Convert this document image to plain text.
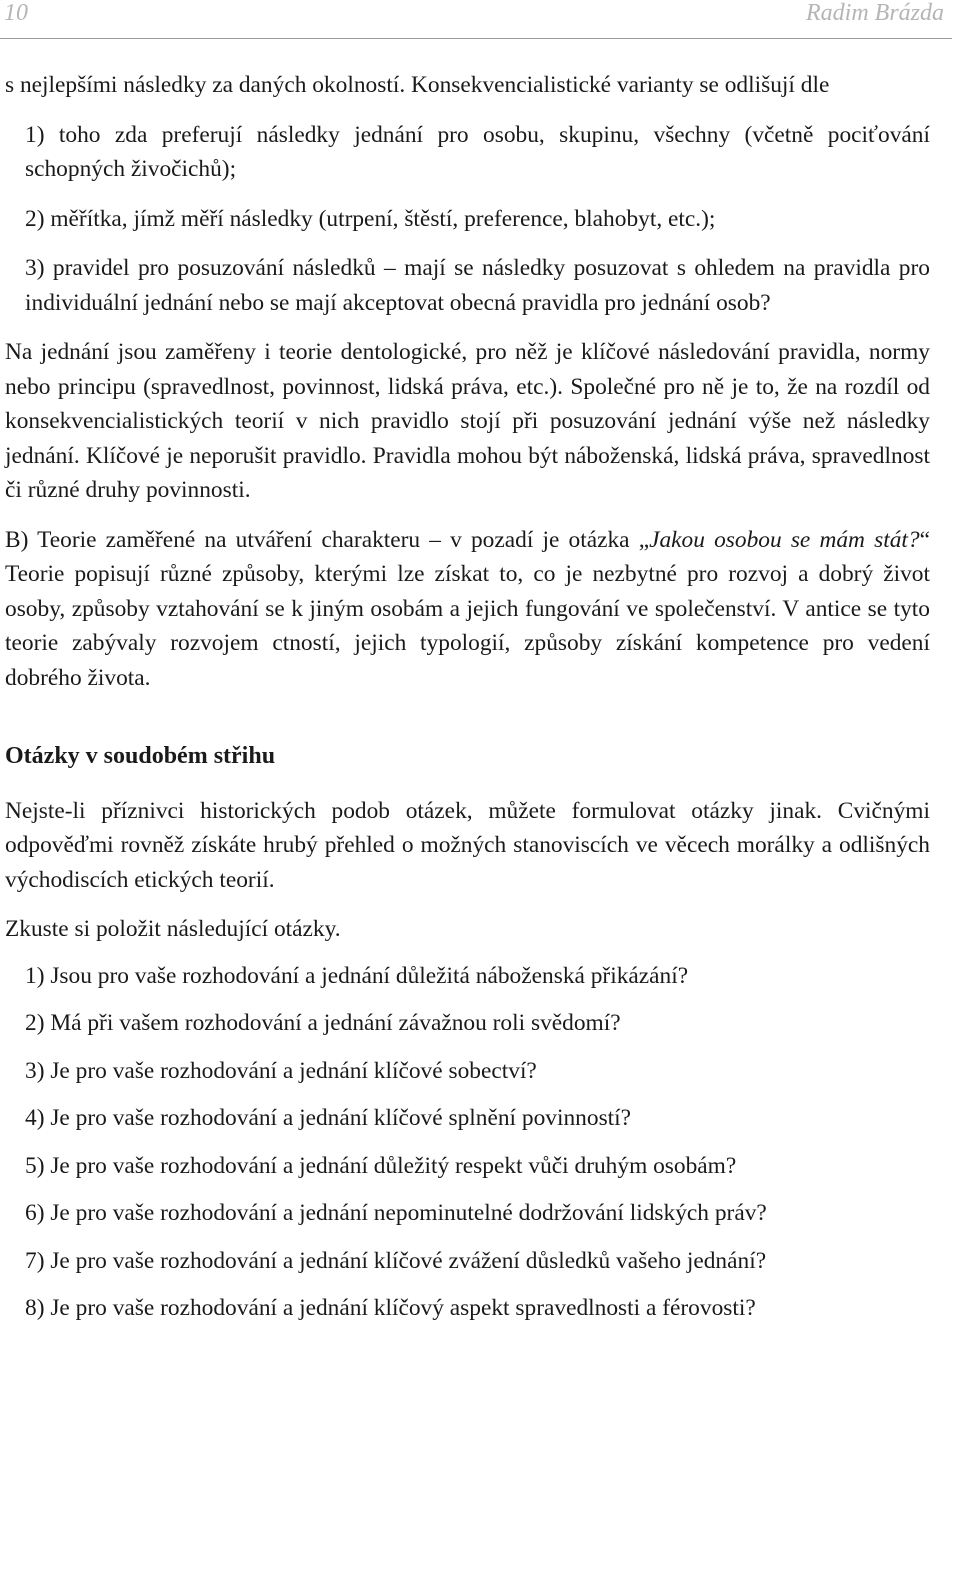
10	Radim Brázda

s nejlepšími následky za daných okolností. Konsekvencialistické varianty se odlišují dle

1) toho zda preferují následky jednání pro osobu, skupinu, všechny (včetně pociťování schopných živočichů);

2) měřítka, jímž měří následky (utrpení, štěstí, preference, blahobyt, etc.);

3) pravidel pro posuzování následků – mají se následky posuzovat s ohledem na pravidla pro individuální jednání nebo se mají akceptovat obecná pravidla pro jednání osob?

Na jednání jsou zaměřeny i teorie dentologické, pro něž je klíčové následování pravidla, normy nebo principu (spravedlnost, povinnost, lidská práva, etc.). Společné pro ně je to, že na rozdíl od konsekvencialistických teorií v nich pravidlo stojí při posuzování jednání výše než následky jednání. Klíčové je neporušit pravidlo. Pravidla mohou být náboženská, lidská práva, spravedlnost či různé druhy povinnosti.

B) Teorie zaměřené na utváření charakteru – v pozadí je otázka „Jakou osobou se mám stát?“ Teorie popisují různé způsoby, kterými lze získat to, co je nezbytné pro rozvoj a dobrý život osoby, způsoby vztahování se k jiným osobám a jejich fungování ve společenství. V antice se tyto teorie zabývaly rozvojem ctností, jejich typologií, způsoby získání kompetence pro vedení dobrého života.

Otázky v soudobém střihu

Nejste-li příznivci historických podob otázek, můžete formulovat otázky jinak. Cvičnými odpověďmi rovněž získáte hrubý přehled o možných stanoviscích ve věcech morálky a odlišných východiscích etických teorií.

Zkuste si položit následující otázky.

1) Jsou pro vaše rozhodování a jednání důležitá náboženská přikázání?
2) Má při vašem rozhodování a jednání závažnou roli svědomí?
3) Je pro vaše rozhodování a jednání klíčové sobectví?
4) Je pro vaše rozhodování a jednání klíčové splnění povinností?
5) Je pro vaše rozhodování a jednání důležitý respekt vůči druhým osobám?
6) Je pro vaše rozhodování a jednání nepominutelné dodržování lidských práv?
7) Je pro vaše rozhodování a jednání klíčové zvážení důsledků vašeho jednání?
8) Je pro vaše rozhodování a jednání klíčový aspekt spravedlnosti a férovosti?
